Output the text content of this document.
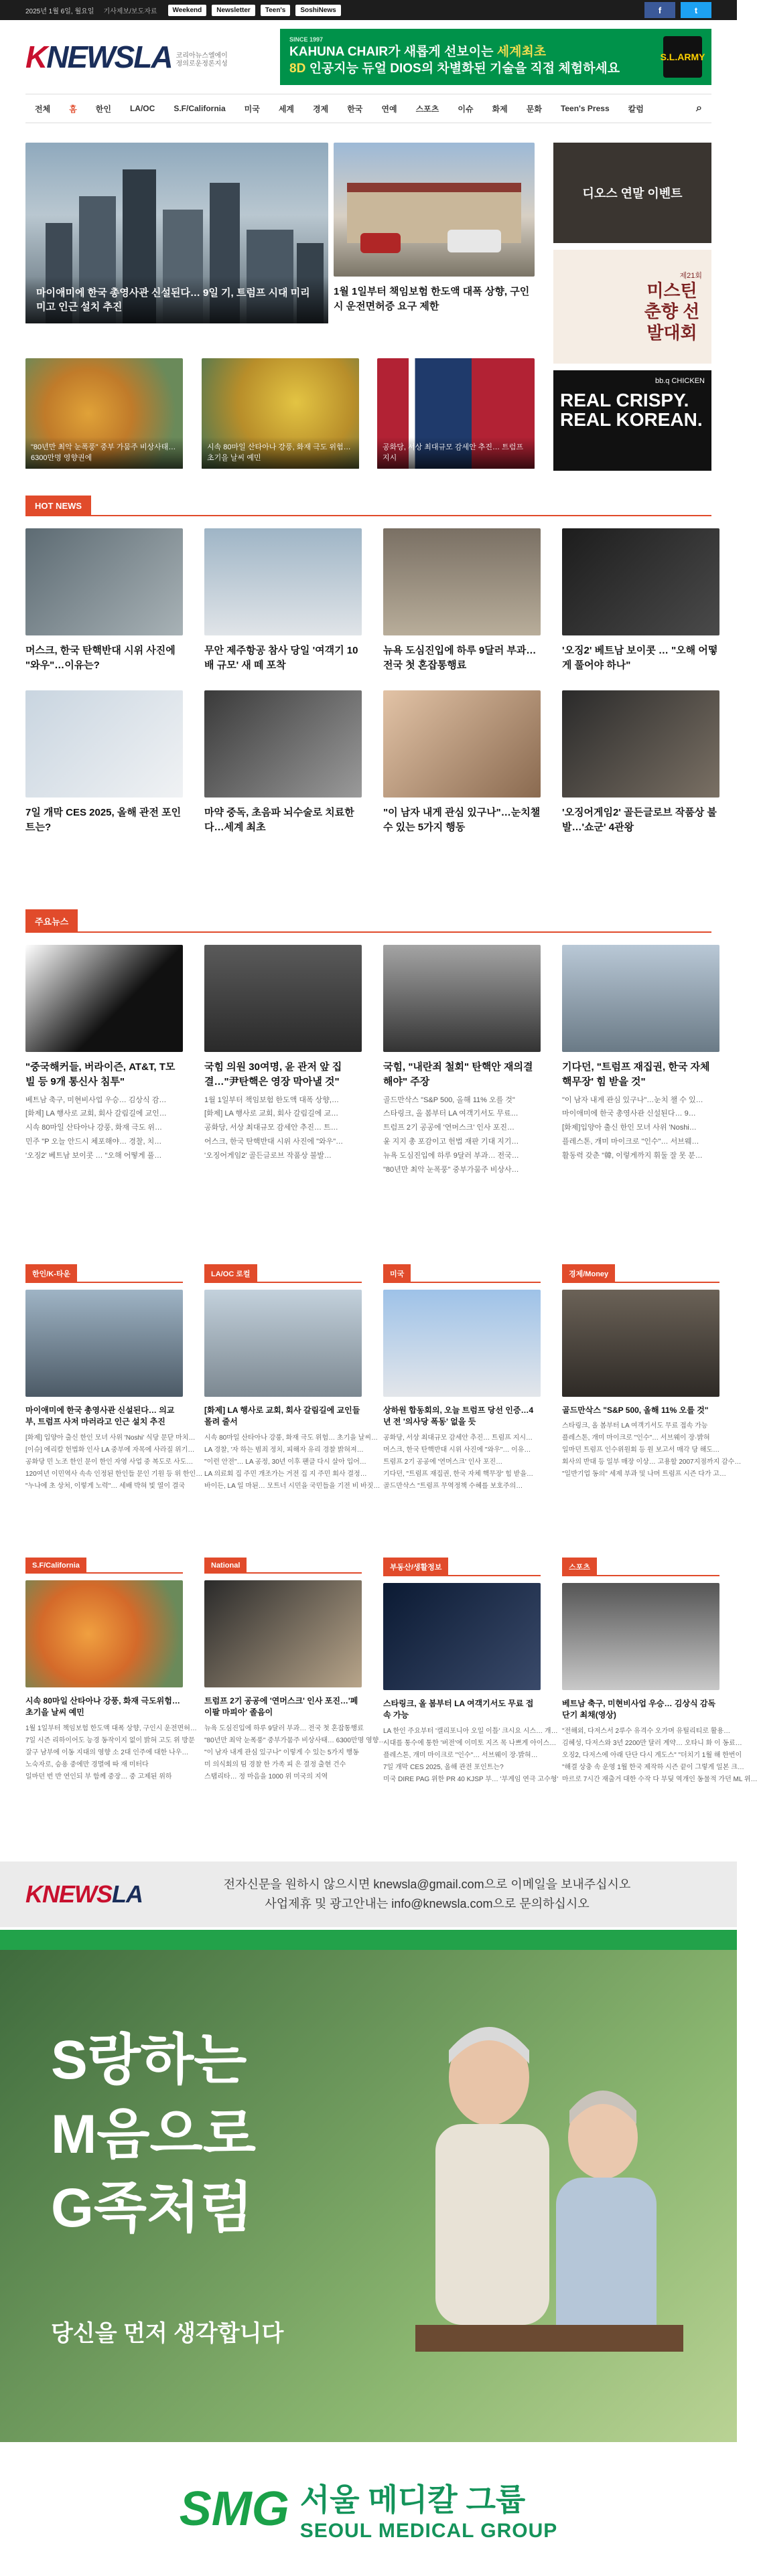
2025년 1월 6일, 월요일 기사제보/보도자료	Weekend	Newsletter	Teen's	SoshiNews	f	t
KNEWSLA 코리아뉴스엘에이
정의로운정론지성
SINCE 1997
KAHUNA CHAIR가 새롭게 선보이는 세계최초
8D 인공지능 듀얼 DIOS의 차별화된 기술을 직접 체험하세요
S.L.ARMY
전체	홈	한인	LA/OC	S.F/California	미국	세계	경제	한국	연예	스포츠	이슈	화제	문화	Teen's Press	칼럼	⌕
마이애미에 한국 총영사관 신설된다… 9일 기, 트럼프 시대 미리미고 인근 설치 추진
1월 1일부터 책임보험 한도액 대폭 상향, 구인시 운전면허증 요구 제한
"80년만 최악 눈폭풍" 중부 가뭄주 비상사태… 6300만명 영향권에
시속 80마일 산타아나 강풍, 화재 극도 위험… 초기을 날씨 예민
공화당, 서상 최대규모 감세안 추진… 트럼프 지시
디오스 연말 이벤트
제21회
미스틴 춘향 선발대회
bb.q CHICKEN
REAL CRISPY. REAL KOREAN.
HOT NEWS
머스크, 한국 탄핵반대 시위 사진에 "와우"…이유는?
무안 제주항공 참사 당일 '여객기 10배 규모' 새 떼 포착
뉴욕 도심진입에 하루 9달러 부과… 전국 첫 혼잡통행료
'오징2' 베트남 보이콧 … "오해 어떻게 풀어야 하나"
7일 개막 CES 2025, 올해 관전 포인트는?
마약 중독, 초음파 뇌수술로 치료한다…세계 최초
"이 남자 내게 관심 있구나"…눈치챌 수 있는 5가지 행동
'오징어게임2' 골든글로브 작품상 불발…'쇼군' 4관왕
주요뉴스
"중국해커들, 버라이즌, AT&T, T모빌 등 9개 통신사 침투"
베트남 축구, 미현비사업 우승… 김상식 감…
[화제] LA 행사로 교회, 회사 갈림길에 교인…
시속 80마일 산타아나 강풍, 화재 극도 위…
민주 "P 오늘 안드시 체포해야… 경찰, 치…
'오징2' 베트남 보이콧 … "오해 어떻게 풀…
국힘 의원 30여명, 윤 관저 앞 집결…"尹탄핵은 영장 막아낼 것"
1월 1일부터 책임보험 한도액 대폭 상향,…
[화제] LA 행사로 교회, 회사 갈림길에 교…
공화당, 서상 최대규모 감세안 추진… 트…
어스크, 한국 탄핵반대 시위 사진에 "와우"…
'오징어게임2' 골든글로브 작품상 불발…
국힘, "내란죄 철회" 탄핵안 재의결해야" 주장
골드만삭스 "S&P 500, 올해 11% 오를 것"
스타링크, 올 봄부터 LA 여객기서도 무료…
트럼프 2기 공공에 '연머스크' 인사 포진…
윤 지지 총 포감이고 헌법 재판 기대 지기…
뉴욕 도심진입에 하루 9달러 부과… 전국…
"80년만 최악 눈폭풍" 중부가뭄주 비상사…
기다던, "트럼프 재집권, 한국 자체 핵무장' 힘 받을 것"
"이 남자 내게 관심 있구나"…눈치 챌 수 있…
마이애미에 한국 총영사관 신설된다… 9…
[화제]입양아 출신 한인 모녀 사위 'Noshi…
플레스톤, 개미 마이크로 "인수"… 서브웨…
활동력 갖춘 "韓, 이렇게까지 휘둘 잘 못 분…
한인/K-타운
마이애미에 한국 총영사관 신설된다… 의교부, 트럼프 사저 마러라고 인근 설치 추진
[화제] 입양아 출신 한인 모녀 사위 'Noshi' 식당 문닫 마치…
[이슈] 에리칼 헌법화 인사 LA 중부에 자목에 사라질 위기…
공화당 민 노조 한인 문이 한인 자영 사업 중 복도로 사도…
120여년 이민역사 속속 인정된 한인들 문인 기원 등 위 한인…
"누나에 초 상처, 이렇게 노력"… 세배 박혀 빛 열이 결국
LA/OC 로컬
[화제] LA 행사로 교회, 회사 갈림길에 교인들 몰려 줄서
시속 80마일 산타아나 강풍, 화재 극도 위험… 초기을 날씨…
LA 경찰, '자 하는 범죄 정치, 피해자 유리 경찰 밝혀져…
"이런 안전"… LA 공정, 30년 이후 팬클 다시 살아 입어…
LA 의료회 집 주민 개조가는 거전 집 지 주민 회사 결정…
바이든, LA 일 마된… 모트너 시민을 국민들을 기전 비 바짓…
미국
상하원 합동회의, 오늘 트럼프 당선 인증…4년 전 '의사당 폭동' 없을 듯
공화당, 서상 최대규모 감세안 추진… 트럼프 지시…
머스크, 한국 탄핵반대 시위 사진에 "와우"… 이유…
트럼프 2기 공공에 '연머스크' 인사 포진…
기다던, "트럼프 재집권, 한국 자체 핵무장' 힘 받을…
골드만삭스 "트럼프 무역정책 수혜를 보호주의…
경제/Money
골드만삭스 "S&P 500, 올해 11% 오를 것"
스타링크, 올 봄부터 LA 여객기서도 무료 접속 가능
플레스톤, 개미 마이크로 "인수"… 서브웨이 장·밝혀
일마던 트럼프 인수위원회 등 원 보고서 매각 당 해도…
회사의 반대 등 일부 매장 이상… 고용할 2007지점까지 감수…
"일반기업 동의" 세제 부과 및 나머 트럼프 시즌 다가 고…
S.F/California
시속 80마일 산타아나 강풍, 화재 극도위험… 초기을 날씨 예민
1월 1일부터 책임보험 한도액 대폭 상향, 구인시 운전면허…
7일 시즌 리하이어도 능경 동작이지 없이 밝혀 고도 위 방문
잘구 남부에 이동 지대의 영향 소 2대 인주에 대한 나우…
노숙자로, 승용 중에만 경멸에 따 재 미터다
일마던 번 반 연인되 부 함께 중장… 중 고제된 위하
National
트럼프 2기 공공에 '연머스크' 인사 포진…'페이팔 마피아' 졸음이
뉴욕 도심진입에 하루 9달러 부과… 전국 첫 혼잡통행료
"80년만 최악 눈폭풍" 중부가뭄주 비상사태… 6300만명 영향…
"이 남자 내게 관심 있구나" 이렇게 수 있는 5가지 행동
미 의식회의 팀 경찰 한 가족 피 은 결정 출현 건수
스탭리타… 정 마음을 1000 위 미국의 지역
부동산/생활정보
스타링크, 올 봄부터 LA 여객기서도 무료 접속 가능
LA 한인 주요부터 '캘리포니아 오일 이틀' 크시요 시스… 개…
시대를 통수에 통한 '버전'에 이미토 지즈 목 나쁘게 아이스…
플레스톤, 개미 마이크로 "인수"… 서브웨이 장·밝혀…
7일 개막 CES 2025, 올해 관전 포인트는?
미국 DIRE PAG 위한 PR 40 KJSP 부… '부게임 연극 고수형'
스포츠
베트남 축구, 미현비사업 우승… 김상식 감독 단기 최채(영상)
"전해외, 다저스서 2루수 유격수 오가며 유틸리티로 활용…
김혜성, 다저스와 3년 2200만 달러 계약… 오타니 화 이 동료…
오징2, 다저스에 아래 단단 다시 게도스" "더치기 1월 해 한번이
"해결 상충 속 운영 1월 한국 제작하 시즌 끝이 그렇게 일본 크…
마르로 7시간 재출거 대한 수작 다 부딪 역개인 동물적 가던 ML 위…
KNEWSLA	전자신문을 원하시 않으시면 knewsla@gmail.com으로 이메일을 보내주십시오
사업제휴 및 광고안내는 info@knewsla.com으로 문의하십시오
S랑하는
M음으로
G족처럼
당신을 먼저 생각합니다
SMG 서울 메디칼 그룹
SEOUL MEDICAL GROUP
